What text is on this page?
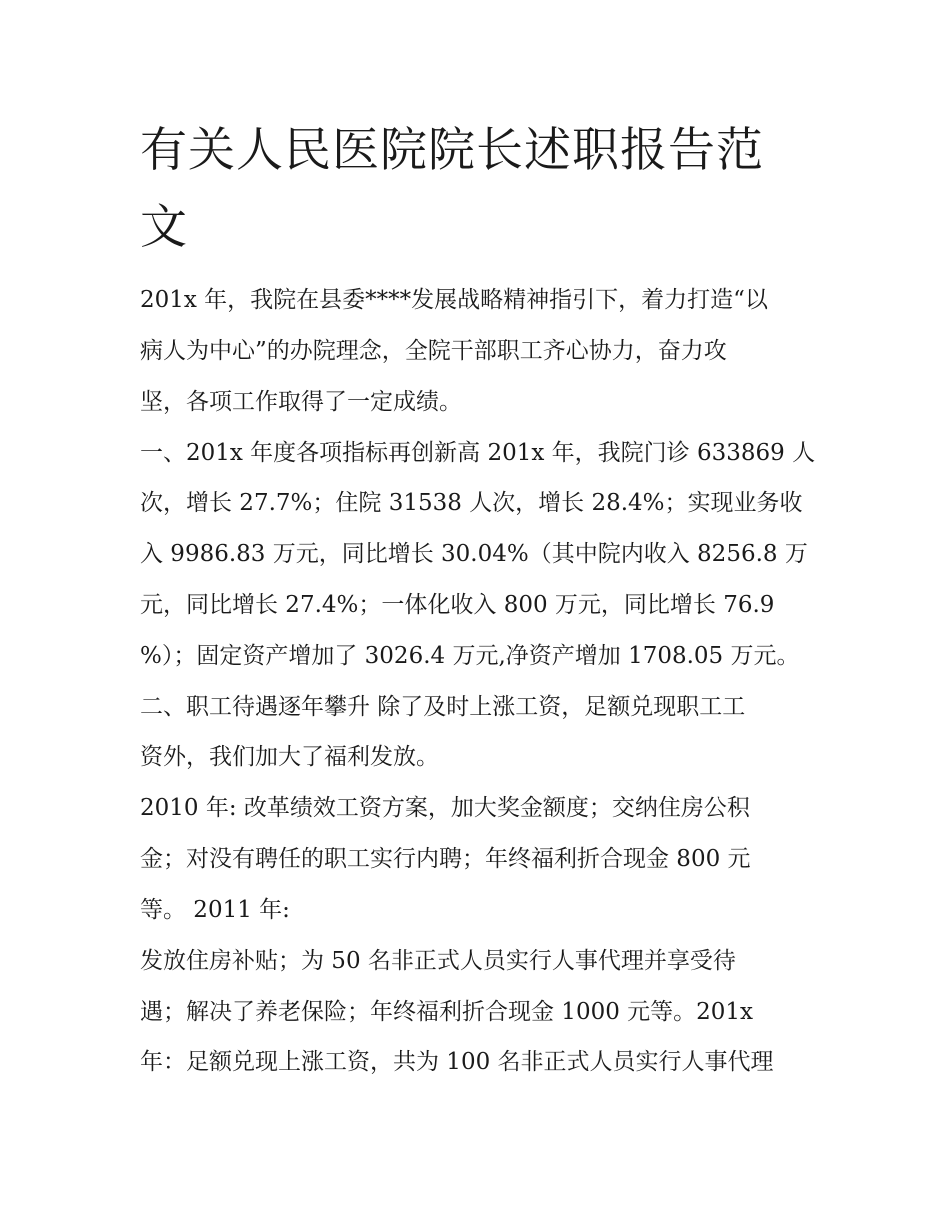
有关人民医院院长述职报告范
文

201x 年，我院在县委****发展战略精神指引下，着力打造“以

病人为中心”的办院理念，全院干部职工齐心协力，奋力攻

坚，各项工作取得了一定成绩。

一、201x 年度各项指标再创新高 201x 年，我院门诊 633869 人

次，增长 27.7%；住院 31538 人次，增长 28.4%；实现业务收

入 9986.83 万元，同比增长 30.04%（其中院内收入 8256.8 万

元，同比增长 27.4%；一体化收入 800 万元，同比增长 76.9

%）；固定资产增加了 3026.4 万元,净资产增加 1708.05 万元。

二、职工待遇逐年攀升 除了及时上涨工资，足额兑现职工工

资外，我们加大了福利发放。

2010 年: 改革绩效工资方案，加大奖金额度；交纳住房公积

金；对没有聘任的职工实行内聘；年终福利折合现金 800 元

等。 2011 年:

发放住房补贴；为 50 名非正式人员实行人事代理并享受待

遇；解决了养老保险；年终福利折合现金 1000 元等。201x

年：足额兑现上涨工资，共为 100 名非正式人员实行人事代理
